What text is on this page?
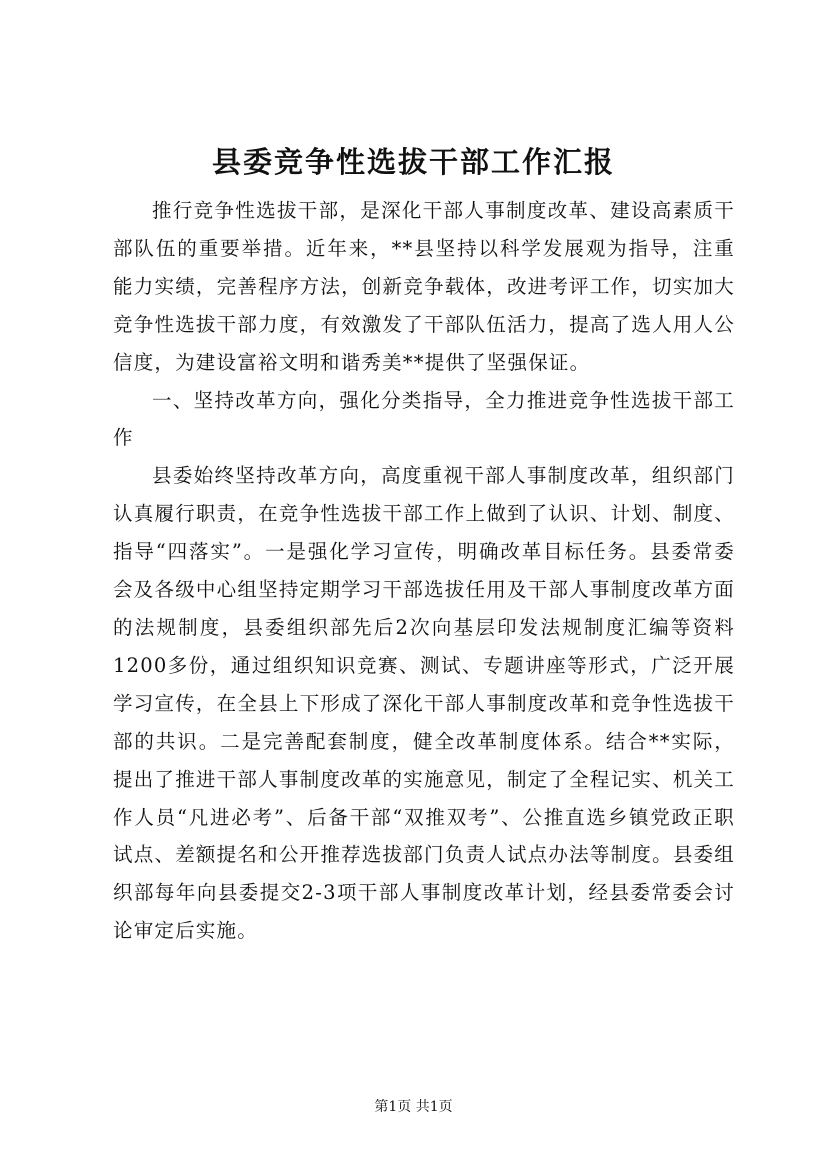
县委竞争性选拔干部工作汇报

推行竞争性选拔干部，是深化干部人事制度改革、建设高素质干部队伍的重要举措。近年来，**县坚持以科学发展观为指导，注重能力实绩，完善程序方法，创新竞争载体，改进考评工作，切实加大竞争性选拔干部力度，有效激发了干部队伍活力，提高了选人用人公信度，为建设富裕文明和谐秀美**提供了坚强保证。

一、坚持改革方向，强化分类指导，全力推进竞争性选拔干部工作

县委始终坚持改革方向，高度重视干部人事制度改革，组织部门认真履行职责，在竞争性选拔干部工作上做到了认识、计划、制度、指导“四落实”。一是强化学习宣传，明确改革目标任务。县委常委会及各级中心组坚持定期学习干部选拔任用及干部人事制度改革方面的法规制度，县委组织部先后2次向基层印发法规制度汇编等资料1200多份，通过组织知识竞赛、测试、专题讲座等形式，广泛开展学习宣传，在全县上下形成了深化干部人事制度改革和竞争性选拔干部的共识。二是完善配套制度，健全改革制度体系。结合**实际，提出了推进干部人事制度改革的实施意见，制定了全程记实、机关工作人员“凡进必考”、后备干部“双推双考”、公推直选乡镇党政正职试点、差额提名和公开推荐选拔部门负责人试点办法等制度。县委组织部每年向县委提交2-3项干部人事制度改革计划，经县委常委会讨论审定后实施。

第1页 共1页
